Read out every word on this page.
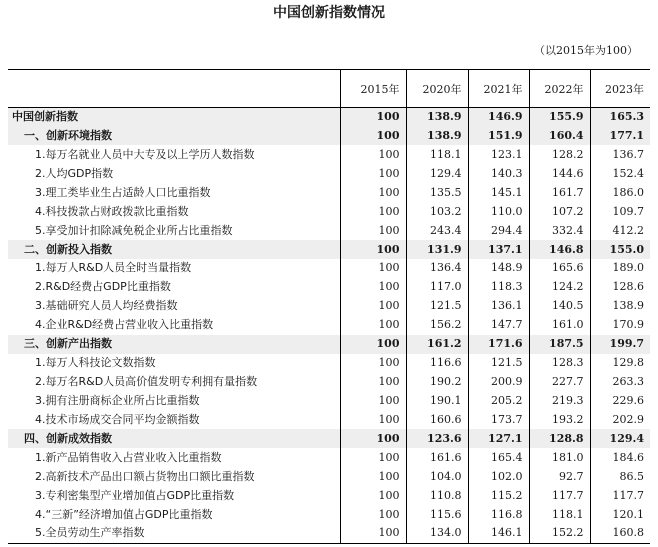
中国创新指数情况
（以2015年为100）
	2015年	2020年	2021年	2022年	2023年
中国创新指数	100	138.9	146.9	155.9	165.3
一、创新环境指数	100	138.9	151.9	160.4	177.1
1.每万名就业人员中大专及以上学历人数指数	100	118.1	123.1	128.2	136.7
2.人均GDP指数	100	129.4	140.3	144.6	152.4
3.理工类毕业生占适龄人口比重指数	100	135.5	145.1	161.7	186.0
4.科技拨款占财政拨款比重指数	100	103.2	110.0	107.2	109.7
5.享受加计扣除减免税企业所占比重指数	100	243.4	294.4	332.4	412.2
二、创新投入指数	100	131.9	137.1	146.8	155.0
1.每万人R&D人员全时当量指数	100	136.4	148.9	165.6	189.0
2.R&D经费占GDP比重指数	100	117.0	118.3	124.2	128.6
3.基础研究人员人均经费指数	100	121.5	136.1	140.5	138.9
4.企业R&D经费占营业收入比重指数	100	156.2	147.7	161.0	170.9
三、创新产出指数	100	161.2	171.6	187.5	199.7
1.每万人科技论文数指数	100	116.6	121.5	128.3	129.8
2.每万名R&D人员高价值发明专利拥有量指数	100	190.2	200.9	227.7	263.3
3.拥有注册商标企业所占比重指数	100	190.1	205.2	219.3	229.6
4.技术市场成交合同平均金额指数	100	160.6	173.7	193.2	202.9
四、创新成效指数	100	123.6	127.1	128.8	129.4
1.新产品销售收入占营业收入比重指数	100	161.6	165.4	181.0	184.6
2.高新技术产品出口额占货物出口额比重指数	100	104.0	102.0	92.7	86.5
3.专利密集型产业增加值占GDP比重指数	100	110.8	115.2	117.7	117.7
4.“三新”经济增加值占GDP比重指数	100	115.6	116.8	118.1	120.1
5.全员劳动生产率指数	100	134.0	146.1	152.2	160.8
